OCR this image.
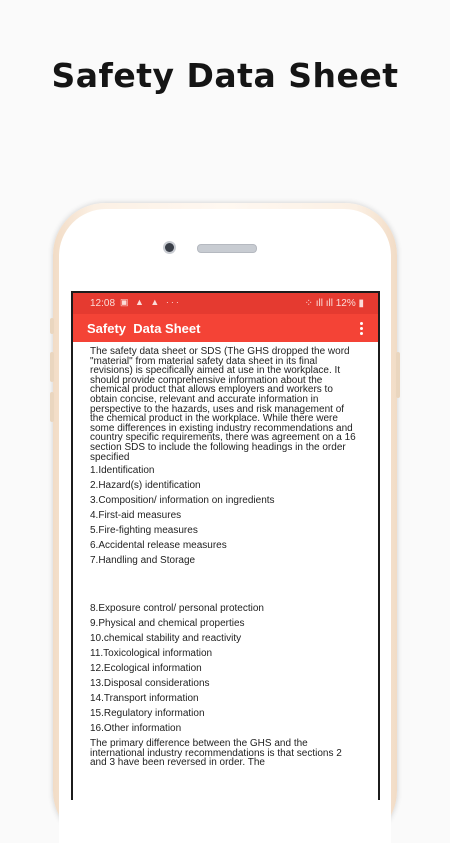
Safety Data Sheet
12:08 ▣ ▲ ▲ ···	⁘ ıll ıll 12% ▮
Safety  Data Sheet
The safety data sheet or SDS (The GHS dropped the word "material" from material safety data sheet in its final revisions) is specifically aimed at use in the workplace. It should provide comprehensive information about the chemical product that allows employers and workers to obtain concise, relevant and accurate information in perspective to the hazards, uses and risk management of the chemical product in the workplace. While there were some differences in existing industry recommendations and country specific requirements, there was agreement on a 16 section SDS to include the following headings in the order specified
1.Identification
2.Hazard(s) identification
3.Composition/ information on ingredients
4.First-aid measures
5.Fire-fighting measures
6.Accidental release measures
7.Handling and Storage
8.Exposure control/ personal protection
9.Physical and chemical properties
10.chemical stability and reactivity
11.Toxicological information
12.Ecological information
13.Disposal considerations
14.Transport information
15.Regulatory information
16.Other information
The primary difference between the GHS and the international industry recommendations is that sections 2 and 3 have been reversed in order. The
